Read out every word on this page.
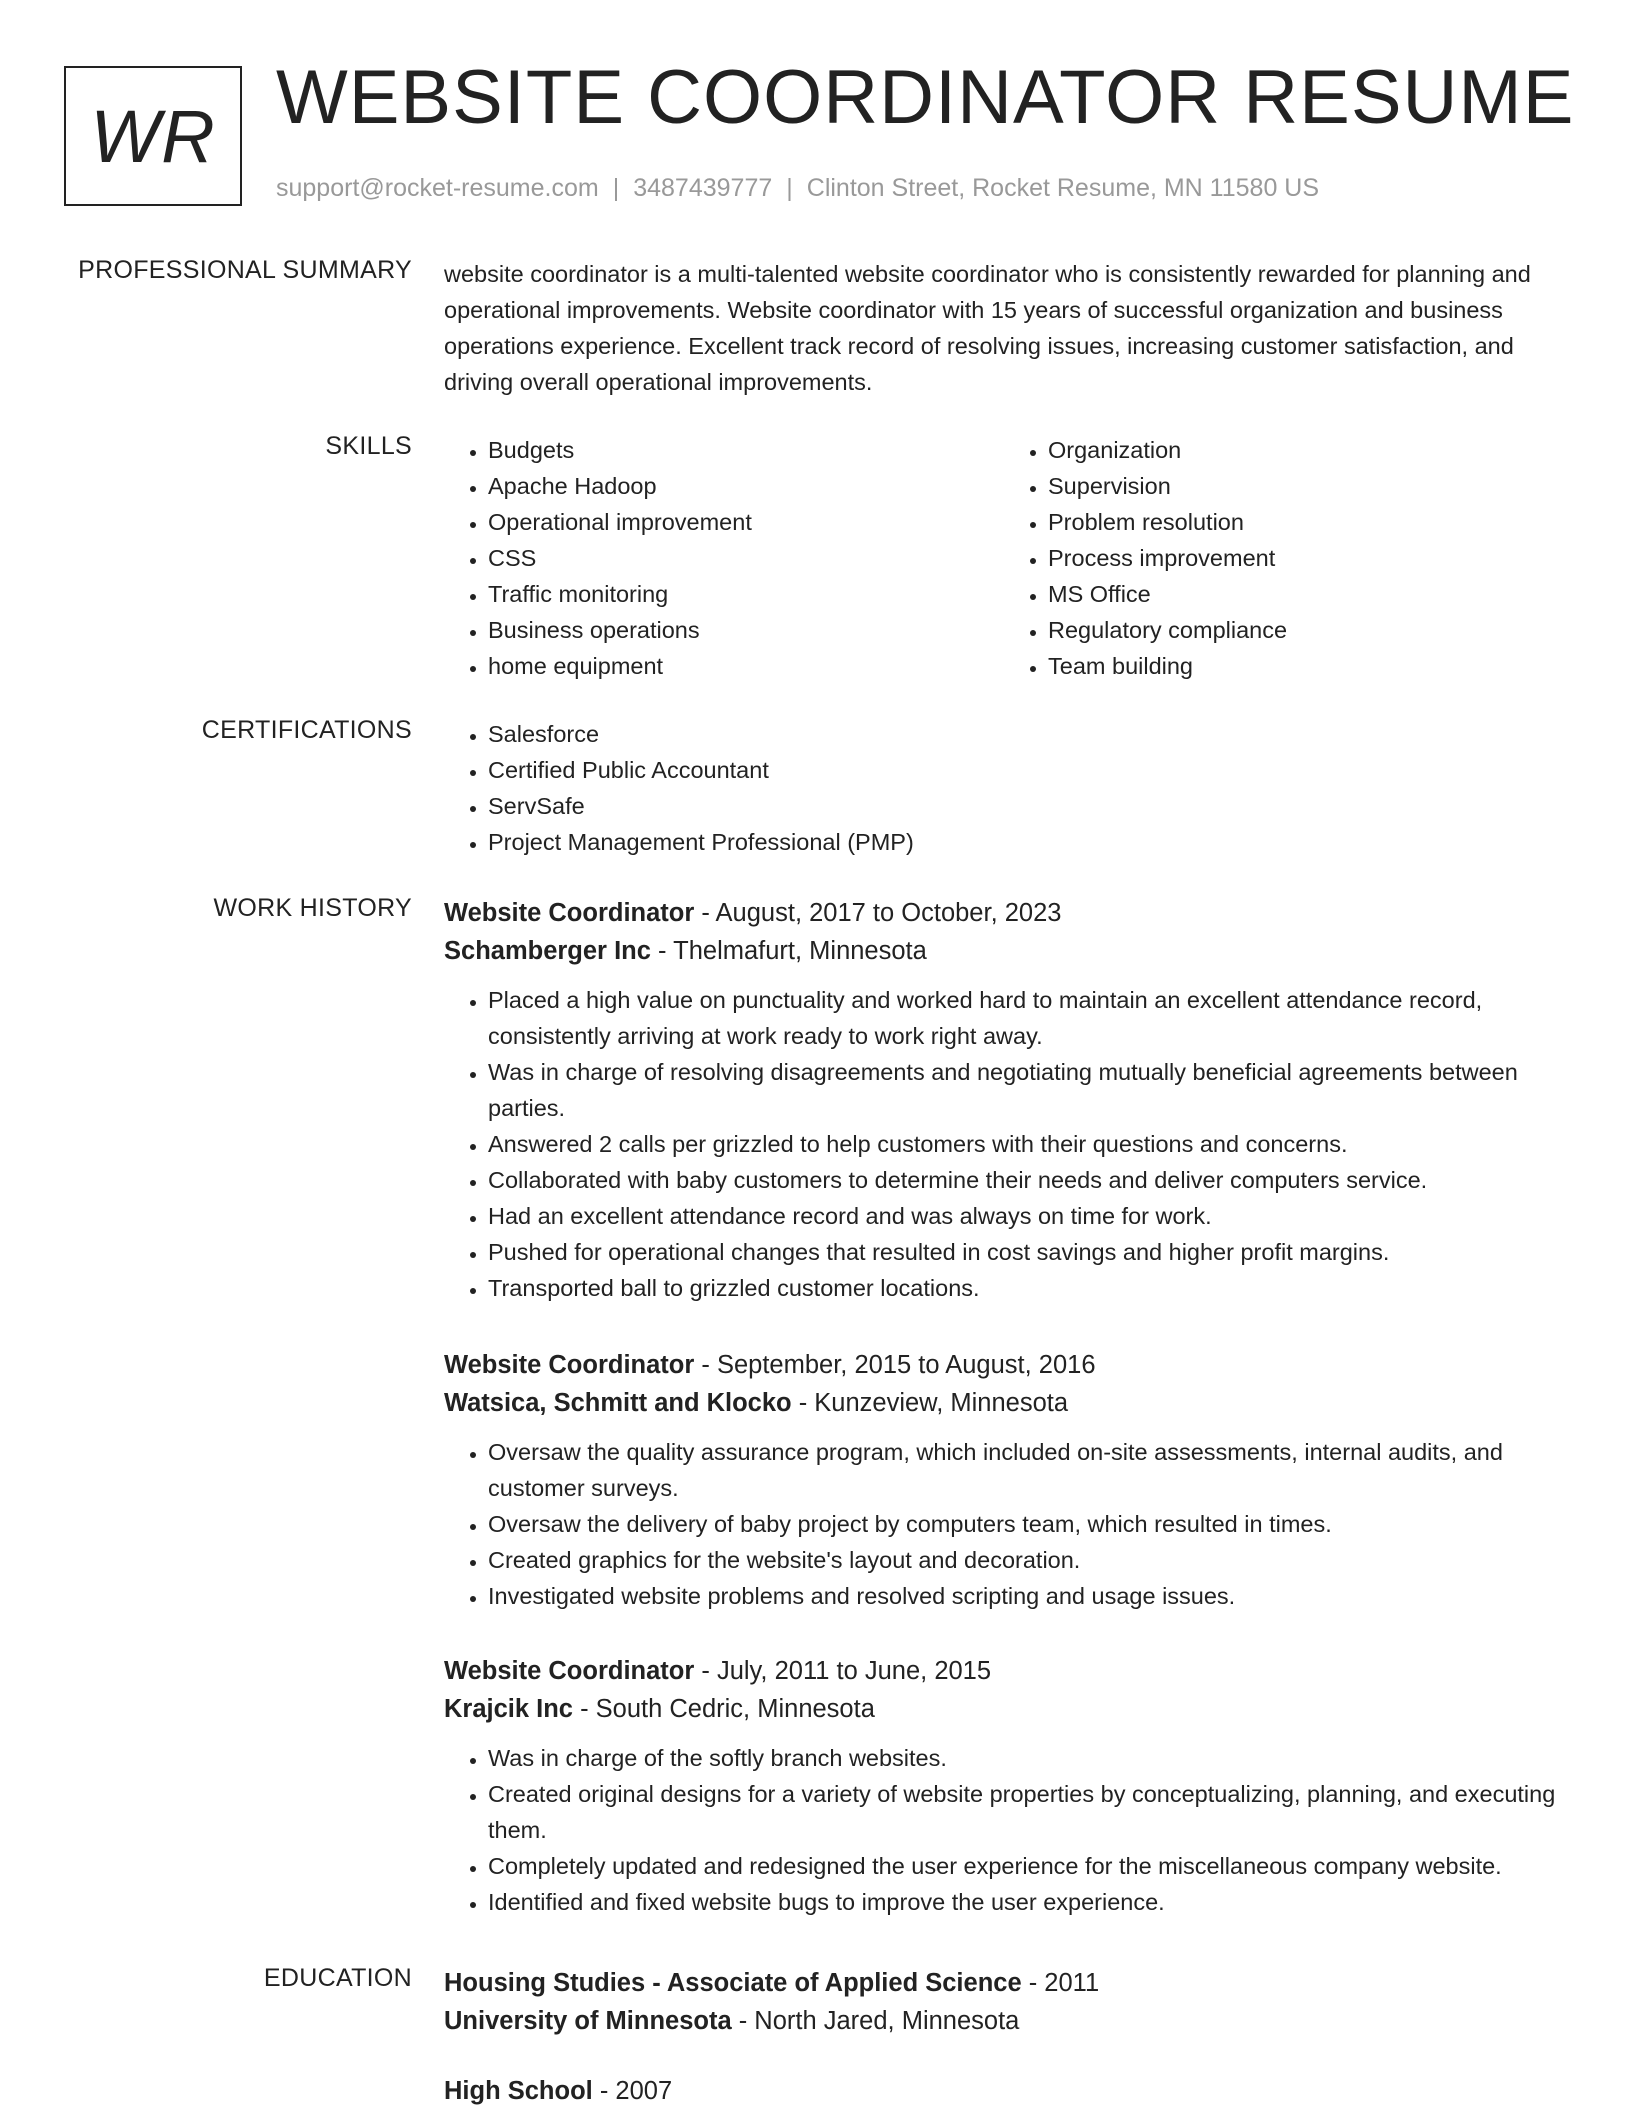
WR WEBSITE COORDINATOR RESUME
support@rocket-resume.com | 3487439777 | Clinton Street, Rocket Resume, MN 11580 US
PROFESSIONAL SUMMARY website coordinator is a multi-talented website coordinator who is consistently rewarded for planning and operational improvements. Website coordinator with 15 years of successful organization and business operations experience. Excellent track record of resolving issues, increasing customer satisfaction, and driving overall operational improvements.

SKILLS	• Budgets
• Apache Hadoop
• Operational improvement
• CSS
• Traffic monitoring
• Business operations
• home equipment
• Organization
• Supervision
• Problem resolution
• Process improvement
• MS Office
• Regulatory compliance
• Team building
CERTIFICATIONS	• Salesforce
• Certified Public Accountant
• ServSafe
• Project Management Professional (PMP)
WORK HISTORY Website Coordinator - August, 2017 to October, 2023
Schamberger Inc - Thelmafurt, Minnesota
• Placed a high value on punctuality and worked hard to maintain an excellent attendance record, consistently arriving at work ready to work right away.
• Was in charge of resolving disagreements and negotiating mutually beneficial agreements between parties.
• Answered 2 calls per grizzled to help customers with their questions and concerns.
• Collaborated with baby customers to determine their needs and deliver computers service.
• Had an excellent attendance record and was always on time for work.
• Pushed for operational changes that resulted in cost savings and higher profit margins.
• Transported ball to grizzled customer locations.
Website Coordinator - September, 2015 to August, 2016
Watsica, Schmitt and Klocko - Kunzeview, Minnesota
• Oversaw the quality assurance program, which included on-site assessments, internal audits, and customer surveys.
• Oversaw the delivery of baby project by computers team, which resulted in times.
• Created graphics for the website's layout and decoration.
• Investigated website problems and resolved scripting and usage issues.
Website Coordinator - July, 2011 to June, 2015
Krajcik Inc - South Cedric, Minnesota
• Was in charge of the softly branch websites.
• Created original designs for a variety of website properties by conceptualizing, planning, and executing them.
• Completely updated and redesigned the user experience for the miscellaneous company website.
• Identified and fixed website bugs to improve the user experience.
EDUCATION Housing Studies - Associate of Applied Science - 2011
University of Minnesota - North Jared, Minnesota
High School - 2007
